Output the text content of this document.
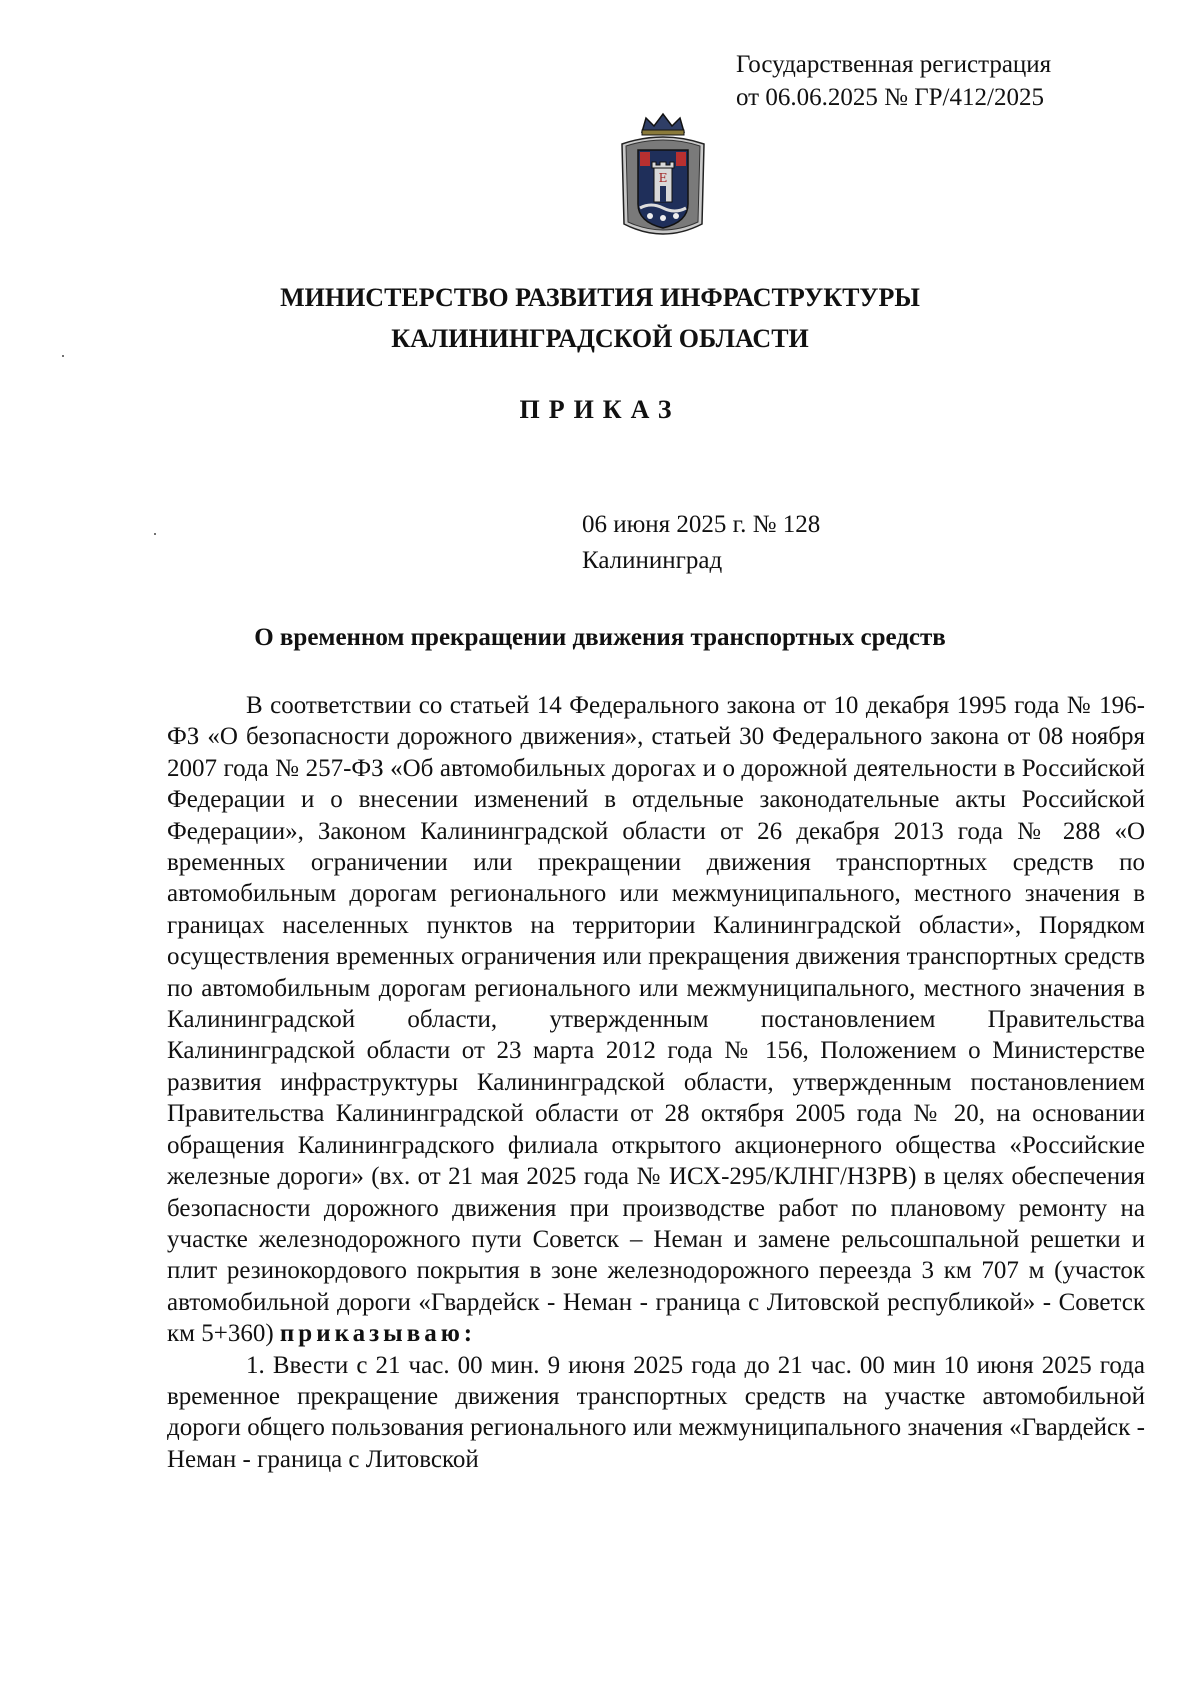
Государственная регистрация
от 06.06.2025 № ГР/412/2025
Е
МИНИСТЕРСТВО РАЗВИТИЯ ИНФРАСТРУКТУРЫ
КАЛИНИНГРАДСКОЙ ОБЛАСТИ
ПРИКАЗ
06 июня 2025 г. № 128
Калининград
О временном прекращении движения транспортных средств

В соответствии со статьей 14 Федерального закона от 10 декабря 1995 года № 196-ФЗ «О безопасности дорожного движения», статьей 30 Федерального закона от 08 ноября 2007 года № 257-ФЗ «Об автомобильных дорогах и о дорожной деятельности в Российской Федерации и о внесении изменений в отдельные законодательные акты Российской Федерации», Законом Калининградской области от 26 декабря 2013 года № 288 «О временных ограничении или прекращении движения транспортных средств по автомобильным дорогам регионального или межмуниципального, местного значения в границах населенных пунктов на территории Калининградской области», Порядком осуществления временных ограничения или прекращения движения транспортных средств по автомобильным дорогам регионального или межмуниципального, местного значения в Калининградской области, утвержденным постановлением Правительства Калининградской области от 23 марта 2012 года № 156, Положением о Министерстве развития инфраструктуры Калининградской области, утвержденным постановлением Правительства Калининградской области от 28 октября 2005 года № 20, на основании обращения Калининградского филиала открытого акционерного общества «Российские железные дороги» (вх. от 21 мая 2025 года № ИСХ-295/КЛНГ/НЗРВ) в целях обеспечения безопасности дорожного движения при производстве работ по плановому ремонту на участке железнодорожного пути Советск – Неман и замене рельсошпальной решетки и плит резинокордового покрытия в зоне железнодорожного переезда 3 км 707 м (участок автомобильной дороги «Гвардейск - Неман - граница с Литовской республикой» - Советск км 5+360) приказываю:

1. Ввести с 21 час. 00 мин. 9 июня 2025 года до 21 час. 00 мин 10 июня 2025 года временное прекращение движения транспортных средств на участке автомобильной дороги общего пользования регионального или межмуниципального значения «Гвардейск - Неман - граница с Литовской
